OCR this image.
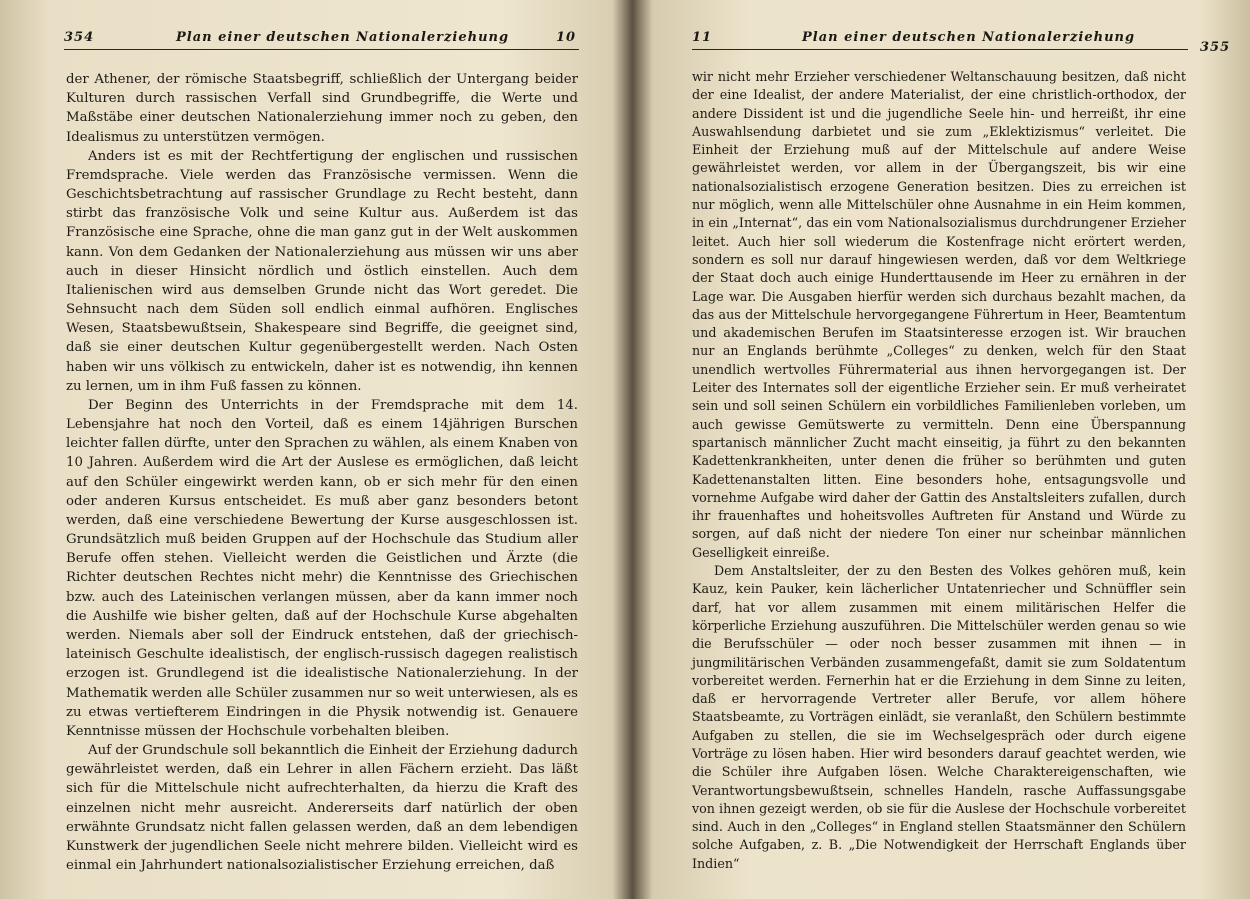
354	Plan einer deutschen Nationalerziehung	10

der Athener, der römische Staatsbegriff, schließlich der Untergang beider Kulturen durch rassischen Verfall sind Grundbegriffe, die Werte und Maßstäbe einer deutschen Nationalerziehung immer noch zu geben, den Idealismus zu unterstützen vermögen.

Anders ist es mit der Rechtfertigung der englischen und russischen Fremdsprache. Viele werden das Französische vermissen. Wenn die Geschichtsbetrachtung auf rassischer Grundlage zu Recht besteht, dann stirbt das französische Volk und seine Kultur aus. Außerdem ist das Französische eine Sprache, ohne die man ganz gut in der Welt auskommen kann. Von dem Gedanken der Nationalerziehung aus müssen wir uns aber auch in dieser Hinsicht nördlich und östlich einstellen. Auch dem Italienischen wird aus demselben Grunde nicht das Wort geredet. Die Sehnsucht nach dem Süden soll endlich einmal aufhören. Englisches Wesen, Staatsbewußtsein, Shakespeare sind Begriffe, die geeignet sind, daß sie einer deutschen Kultur gegenübergestellt werden. Nach Osten haben wir uns völkisch zu entwickeln, daher ist es notwendig, ihn kennen zu lernen, um in ihm Fuß fassen zu können.

Der Beginn des Unterrichts in der Fremdsprache mit dem 14. Lebensjahre hat noch den Vorteil, daß es einem 14jährigen Burschen leichter fallen dürfte, unter den Sprachen zu wählen, als einem Knaben von 10 Jahren. Außerdem wird die Art der Auslese es ermöglichen, daß leicht auf den Schüler eingewirkt werden kann, ob er sich mehr für den einen oder anderen Kursus entscheidet. Es muß aber ganz besonders betont werden, daß eine verschiedene Bewertung der Kurse ausgeschlossen ist. Grundsätzlich muß beiden Gruppen auf der Hochschule das Studium aller Berufe offen stehen. Vielleicht werden die Geistlichen und Ärzte (die Richter deutschen Rechtes nicht mehr) die Kenntnisse des Griechischen bzw. auch des Lateinischen verlangen müssen, aber da kann immer noch die Aushilfe wie bisher gelten, daß auf der Hochschule Kurse abgehalten werden. Niemals aber soll der Eindruck entstehen, daß der griechisch-lateinisch Geschulte idealistisch, der englisch-russisch dagegen realistisch erzogen ist. Grundlegend ist die idealistische Nationalerziehung. In der Mathematik werden alle Schüler zusammen nur so weit unterwiesen, als es zu etwas vertiefterem Eindringen in die Physik notwendig ist. Genauere Kenntnisse müssen der Hochschule vorbehalten bleiben.

Auf der Grundschule soll bekanntlich die Einheit der Erziehung dadurch gewährleistet werden, daß ein Lehrer in allen Fächern erzieht. Das läßt sich für die Mittelschule nicht aufrechterhalten, da hierzu die Kraft des einzelnen nicht mehr ausreicht. Andererseits darf natürlich der oben erwähnte Grundsatz nicht fallen gelassen werden, daß an dem lebendigen Kunstwerk der jugendlichen Seele nicht mehrere bilden. Vielleicht wird es einmal ein Jahrhundert nationalsozialistischer Erziehung erreichen, daß

11	Plan einer deutschen Nationalerziehung
355

wir nicht mehr Erzieher verschiedener Weltanschauung besitzen, daß nicht der eine Idealist, der andere Materialist, der eine christlich-orthodox, der andere Dissident ist und die jugendliche Seele hin- und herreißt, ihr eine Auswahlsendung darbietet und sie zum „Eklektizismus“ verleitet. Die Einheit der Erziehung muß auf der Mittelschule auf andere Weise gewährleistet werden, vor allem in der Übergangszeit, bis wir eine nationalsozialistisch erzogene Generation besitzen. Dies zu erreichen ist nur möglich, wenn alle Mittelschüler ohne Ausnahme in ein Heim kommen, in ein „Internat“, das ein vom Nationalsozialismus durchdrungener Erzieher leitet. Auch hier soll wiederum die Kostenfrage nicht erörtert werden, sondern es soll nur darauf hingewiesen werden, daß vor dem Weltkriege der Staat doch auch einige Hunderttausende im Heer zu ernähren in der Lage war. Die Ausgaben hierfür werden sich durchaus bezahlt machen, da das aus der Mittelschule hervorgegangene Führertum in Heer, Beamtentum und akademischen Berufen im Staatsinteresse erzogen ist. Wir brauchen nur an Englands berühmte „Colleges“ zu denken, welch für den Staat unendlich wertvolles Führermaterial aus ihnen hervorgegangen ist. Der Leiter des Internates soll der eigentliche Erzieher sein. Er muß verheiratet sein und soll seinen Schülern ein vorbildliches Familienleben vorleben, um auch gewisse Gemütswerte zu vermitteln. Denn eine Überspannung spartanisch männlicher Zucht macht einseitig, ja führt zu den bekannten Kadettenkrankheiten, unter denen die früher so berühmten und guten Kadettenanstalten litten. Eine besonders hohe, entsagungsvolle und vornehme Aufgabe wird daher der Gattin des Anstaltsleiters zufallen, durch ihr frauenhaftes und hoheitsvolles Auftreten für Anstand und Würde zu sorgen, auf daß nicht der niedere Ton einer nur scheinbar männlichen Geselligkeit einreiße.

Dem Anstaltsleiter, der zu den Besten des Volkes gehören muß, kein Kauz, kein Pauker, kein lächerlicher Untatenriecher und Schnüffler sein darf, hat vor allem zusammen mit einem militärischen Helfer die körperliche Erziehung auszuführen. Die Mittelschüler werden genau so wie die Berufsschüler — oder noch besser zusammen mit ihnen — in jungmilitärischen Verbänden zusammengefaßt, damit sie zum Soldatentum vorbereitet werden. Fernerhin hat er die Erziehung in dem Sinne zu leiten, daß er hervorragende Vertreter aller Berufe, vor allem höhere Staatsbeamte, zu Vorträgen einlädt, sie veranlaßt, den Schülern bestimmte Aufgaben zu stellen, die sie im Wechselgespräch oder durch eigene Vorträge zu lösen haben. Hier wird besonders darauf geachtet werden, wie die Schüler ihre Aufgaben lösen. Welche Charaktereigenschaften, wie Verantwortungsbewußtsein, schnelles Handeln, rasche Auffassungsgabe von ihnen gezeigt werden, ob sie für die Auslese der Hochschule vorbereitet sind. Auch in den „Colleges“ in England stellen Staatsmänner den Schülern solche Aufgaben, z. B. „Die Notwendigkeit der Herrschaft Englands über Indien“
